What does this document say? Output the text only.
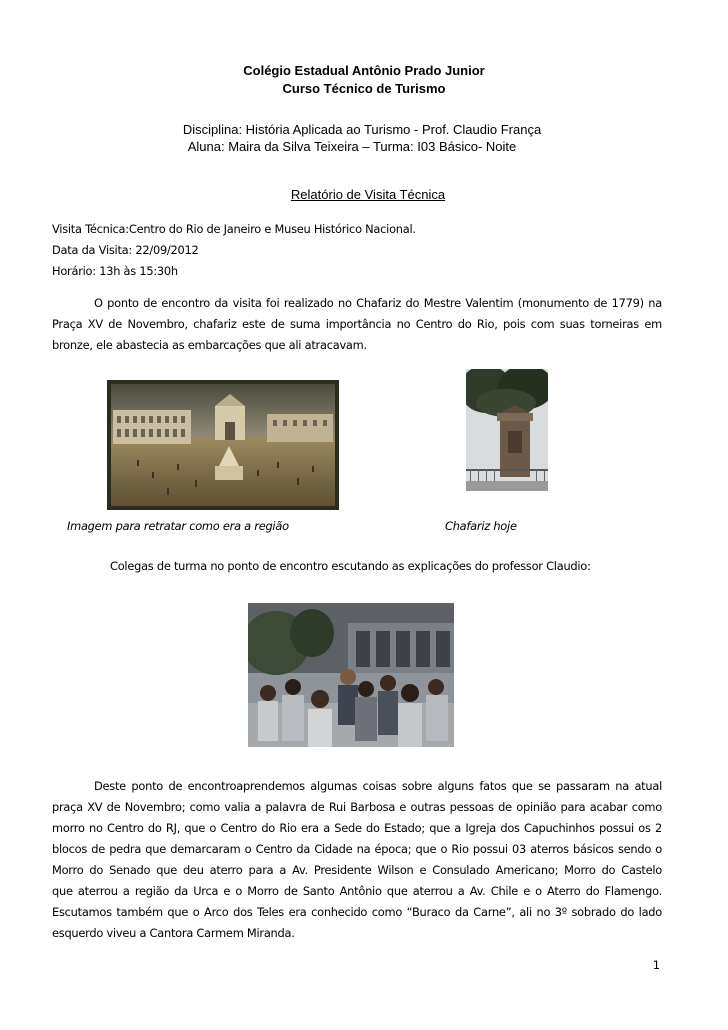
Colégio Estadual Antônio Prado Junior
Curso Técnico de Turismo
Disciplina: História Aplicada ao Turismo - Prof. Claudio França
Aluna: Maira da Silva Teixeira – Turma: I03 Básico- Noite
Relatório de Visita Técnica
Visita Técnica:Centro do Rio de Janeiro e Museu Histórico Nacional.
Data da Visita: 22/09/2012
Horário: 13h às 15:30h
O ponto de encontro da visita foi realizado no Chafariz do Mestre Valentim (monumento de 1779) na
Praça XV de Novembro, chafariz este de suma importância no Centro do Rio, pois com suas torneiras em
bronze, ele abastecia as embarcações que ali atracavam.
Imagem para retratar como era a região	Chafariz hoje
Colegas de turma no ponto de encontro escutando as explicações do professor Claudio:
Deste ponto de encontroaprendemos algumas coisas sobre alguns fatos que se passaram na atual
praça XV de Novembro; como valia a palavra de Rui Barbosa e outras pessoas de opinião para acabar como
morro no Centro do RJ, que o Centro do Rio era a Sede do Estado; que a Igreja dos Capuchinhos possui os 2
blocos de pedra que demarcaram o Centro da Cidade na época; que o Rio possui 03 aterros básicos sendo o
Morro do Senado que deu aterro para a Av. Presidente Wilson e Consulado Americano; Morro do Castelo
que aterrou a região da Urca e o Morro de Santo Antônio que aterrou a Av. Chile e o Aterro do Flamengo.
Escutamos também que o Arco dos Teles era conhecido como “Buraco da Carne”, ali no 3º sobrado do lado
esquerdo viveu a Cantora Carmem Miranda.
1
